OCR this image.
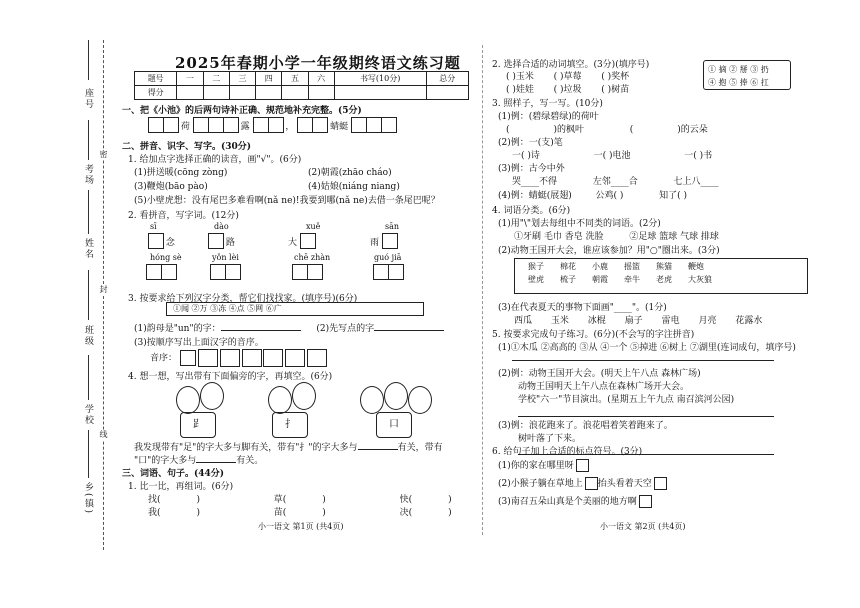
座号
考场
姓名
班级
学校
乡(镇)
密
封
线
2025年春期小学一年级期终语文练习题
题号	一	二	三	四	五	六	书写(10分)	总分
得分								
一、把《小池》的后两句诗补正确、规范地补充完整。(5分)
荷	露	，	蜻蜓
二、拼音、识字、写字。(30分)
1. 给加点字选择正确的读音，画"√"。(6分)
(1)拼送暖(cōng zòng)	(2)朝霞(zhāo cháo)
(3)鞭炮(bāo pào)	(4)姑娘(niáng niang)
(5)小壁虎想：没有尾巴多难看啊(nǎ ne)!我要到哪(nǎ ne)去借一条尾巴呢？
2. 看拼音，写字词。(12分)
sī	dào	xuě	sān
念	路	大	雨
hóng sè	yǒn lèi	chē zhàn	guó jiā

3. 按要求给下列汉字分类，帮它们找找家。(填序号)(6分)
①闻 ②万 ③冻 ④点 ⑤网 ⑥广
(1)韵母是"un"的字：	(2)先写点的字
(3)按顺序写出上面汉字的音序。
音序：
4. 想一想，写出带有下面偏旁的字，再填空。(6分)
𧾷	扌	口
我发现带有"足"的字大多与脚有关，带有"扌"的字大多与	有关，带有
"口"的字大多与	有关。
三、词语、句子。(44分)
1. 比一比，再组词。(6分)
找(	)	草(	)	快(	)
我(	)	苗(	)	决(	)
小一语文 第1页 (共4页)
2. 选择合适的动词填空。(3分)(填序号)	① 摘 ② 掰 ③ 扔
④ 抱 ⑤ 捧 ⑥ 扛
( )玉米 ( )草莓 ( )奖杯
( )娃娃 ( )垃圾 ( )树苗
3. 照样子，写一写。(10分)
(1)例：(碧绿碧绿)的荷叶
(	)的枫叶	(	)的云朵
(2)例：一(支)笔
一( )诗	一( )电池	一( )书
(3)例：古今中外
哭____不得	左邻____合	七上八____
(4)例：蜻蜓(展翅)	公鸡( )	知了( )
4. 词语分类。(6分)
(1)用"\"划去每组中不同类的词语。(2分)
①牙刷 毛巾 香皂 洗脸	②足球 篮球 气球 排球
(2)动物王国开大会，谁应该参加？用"○"圈出来。(3分)
猴子	棉花	小鹿	摇篮	熊猫	鞭炮
壁虎	梳子	朝霞	牵牛	老虎	大灰狼
(3)在代表夏天的事物下面画"____"。(1分)
西瓜 玉米 冰棍 扇子 雷电 月亮 花露水
5. 按要求完成句子练习。(6分)(不会写的字注拼音)
(1)①木瓜 ②高高的 ③从 ④一个 ⑤掉进 ⑥树上 ⑦湖里(连词成句，填序号)
(2)例：动物王国开大会。(明天上午八点 森林广场)
动物王国明天上午八点在森林广场开大会。
学校"六一"节目演出。(星期五上午九点 南召滨河公园)
(3)例：浪花跑来了。浪花唱着笑着跑来了。
树叶落了下来。
6. 给句子加上合适的标点符号。(3分)
(1)你的家在哪里呀
(2)小猴子躺在草地上 抬头看着天空
(3)南召五朵山真是个美丽的地方啊
小一语文 第2页 (共4页)
